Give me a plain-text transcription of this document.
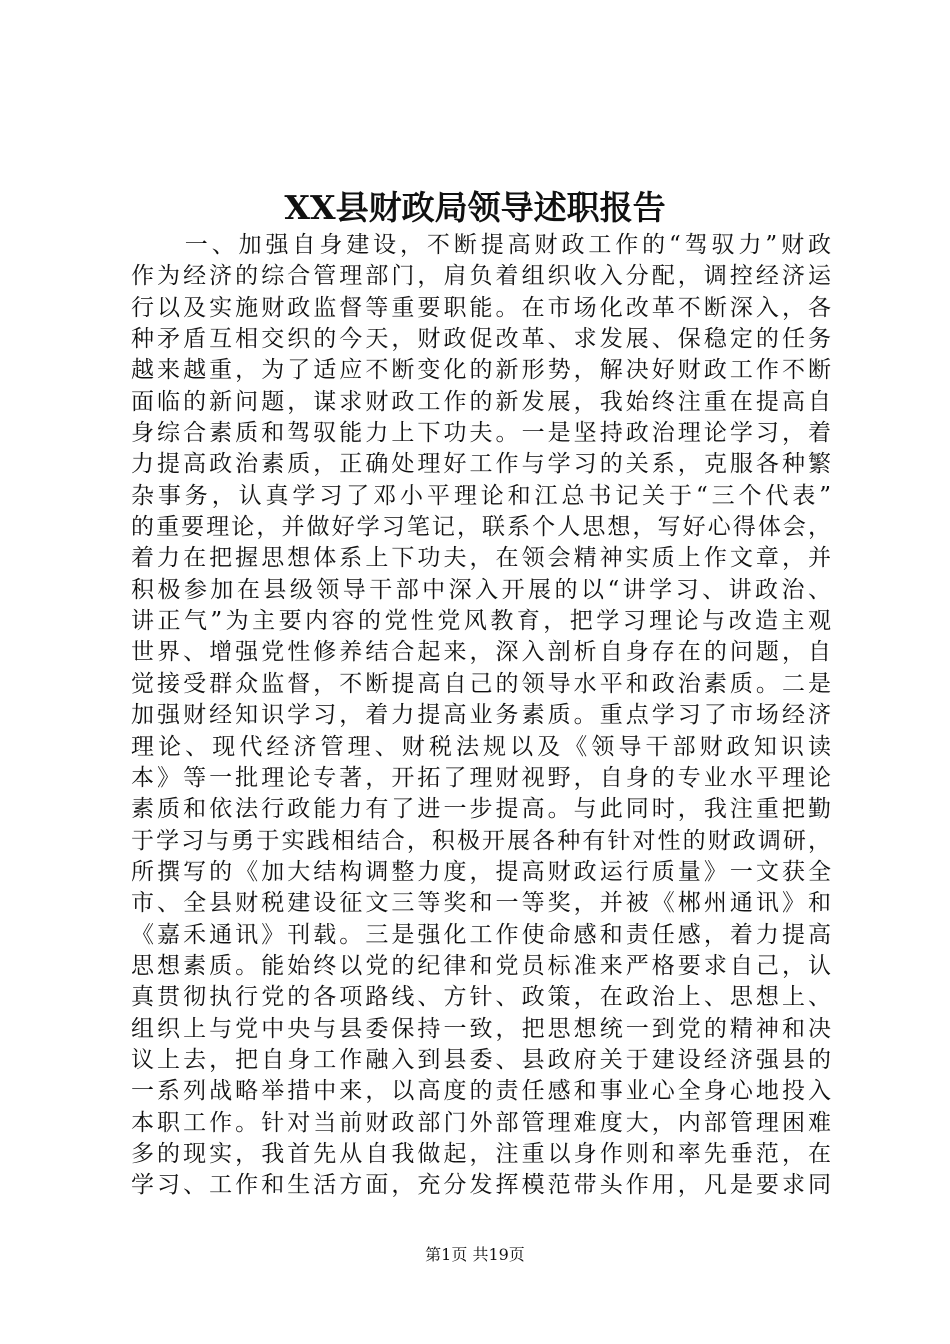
XX县财政局领导述职报告
　　一、加强自身建设，不断提高财政工作的“驾驭力”财政
作为经济的综合管理部门，肩负着组织收入分配，调控经济运
行以及实施财政监督等重要职能。在市场化改革不断深入，各
种矛盾互相交织的今天，财政促改革、求发展、保稳定的任务
越来越重，为了适应不断变化的新形势，解决好财政工作不断
面临的新问题，谋求财政工作的新发展，我始终注重在提高自
身综合素质和驾驭能力上下功夫。一是坚持政治理论学习，着
力提高政治素质，正确处理好工作与学习的关系，克服各种繁
杂事务，认真学习了邓小平理论和江总书记关于“三个代表”
的重要理论，并做好学习笔记，联系个人思想，写好心得体会，
着力在把握思想体系上下功夫，在领会精神实质上作文章，并
积极参加在县级领导干部中深入开展的以“讲学习、讲政治、
讲正气”为主要内容的党性党风教育，把学习理论与改造主观
世界、增强党性修养结合起来，深入剖析自身存在的问题，自
觉接受群众监督，不断提高自己的领导水平和政治素质。二是
加强财经知识学习，着力提高业务素质。重点学习了市场经济
理论、现代经济管理、财税法规以及《领导干部财政知识读
本》等一批理论专著，开拓了理财视野，自身的专业水平理论
素质和依法行政能力有了进一步提高。与此同时，我注重把勤
于学习与勇于实践相结合，积极开展各种有针对性的财政调研，
所撰写的《加大结构调整力度，提高财政运行质量》一文获全
市、全县财税建设征文三等奖和一等奖，并被《郴州通讯》和
《嘉禾通讯》刊载。三是强化工作使命感和责任感，着力提高
思想素质。能始终以党的纪律和党员标准来严格要求自己，认
真贯彻执行党的各项路线、方针、政策，在政治上、思想上、
组织上与党中央与县委保持一致，把思想统一到党的精神和决
议上去，把自身工作融入到县委、县政府关于建设经济强县的
一系列战略举措中来，以高度的责任感和事业心全身心地投入
本职工作。针对当前财政部门外部管理难度大，内部管理困难
多的现实，我首先从自我做起，注重以身作则和率先垂范，在
学习、工作和生活方面，充分发挥模范带头作用，凡是要求同
第1页 共19页
